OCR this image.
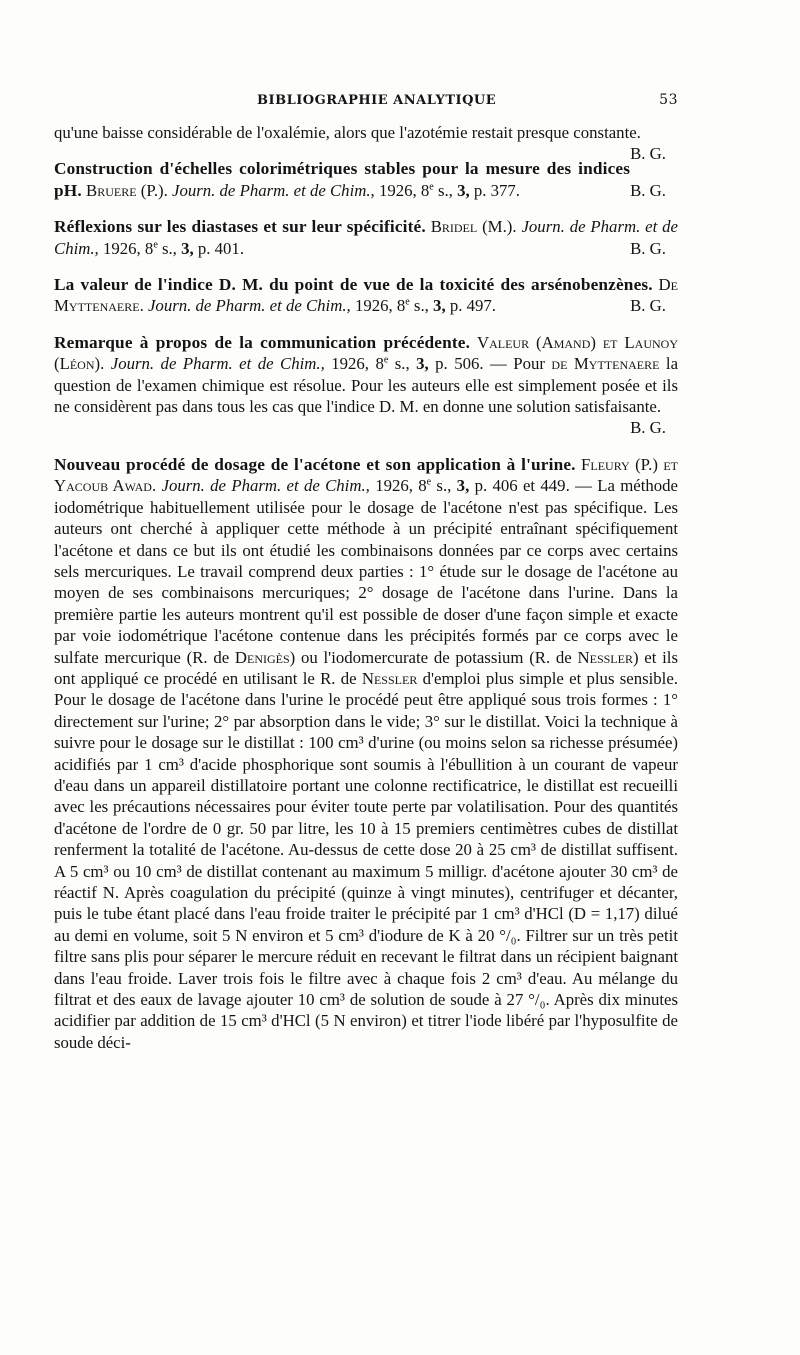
BIBLIOGRAPHIE ANALYTIQUE	53

qu'une baisse considérable de l'oxalémie, alors que l'azotémie restait presque constante.
B. G.

Construction d'échelles colorimétriques stables pour la mesure des indices pH. Bruere (P.). Journ. de Pharm. et de Chim., 1926, 8e s., 3, p. 377.	B. G.

Réflexions sur les diastases et sur leur spécificité. Bridel (M.). Journ. de Pharm. et de Chim., 1926, 8e s., 3, p. 401.	B. G.

La valeur de l'indice D. M. du point de vue de la toxicité des arsénobenzènes. De Myttenaere. Journ. de Pharm. et de Chim., 1926, 8e s., 3, p. 497.	B. G.

Remarque à propos de la communication précédente. Valeur (Amand) et Launoy (Léon). Journ. de Pharm. et de Chim., 1926, 8e s., 3, p. 506. — Pour de Myttenaere la question de l'examen chimique est résolue. Pour les auteurs elle est simplement posée et ils ne considèrent pas dans tous les cas que l'indice D. M. en donne une solution satisfaisante.
B. G.

Nouveau procédé de dosage de l'acétone et son application à l'urine. Fleury (P.) et Yacoub Awad. Journ. de Pharm. et de Chim., 1926, 8e s., 3, p. 406 et 449. — La méthode iodométrique habituellement utilisée pour le dosage de l'acétone n'est pas spécifique. Les auteurs ont cherché à appliquer cette méthode à un précipité entraînant spécifiquement l'acétone et dans ce but ils ont étudié les combinaisons données par ce corps avec certains sels mercuriques. Le travail comprend deux parties : 1° étude sur le dosage de l'acétone au moyen de ses combinaisons mercuriques; 2° dosage de l'acétone dans l'urine. Dans la première partie les auteurs montrent qu'il est possible de doser d'une façon simple et exacte par voie iodométrique l'acétone contenue dans les précipités formés par ce corps avec le sulfate mercurique (R. de Denigès) ou l'iodomercurate de potassium (R. de Nessler) et ils ont appliqué ce procédé en utilisant le R. de Nessler d'emploi plus simple et plus sensible. Pour le dosage de l'acétone dans l'urine le procédé peut être appliqué sous trois formes : 1° directement sur l'urine; 2° par absorption dans le vide; 3° sur le distillat. Voici la technique à suivre pour le dosage sur le distillat : 100 cm³ d'urine (ou moins selon sa richesse présumée) acidifiés par 1 cm³ d'acide phosphorique sont soumis à l'ébullition à un courant de vapeur d'eau dans un appareil distillatoire portant une colonne rectificatrice, le distillat est recueilli avec les précautions nécessaires pour éviter toute perte par volatilisation. Pour des quantités d'acétone de l'ordre de 0 gr. 50 par litre, les 10 à 15 premiers centimètres cubes de distillat renferment la totalité de l'acétone. Au-dessus de cette dose 20 à 25 cm³ de distillat suffisent. A 5 cm³ ou 10 cm³ de distillat contenant au maximum 5 milligr. d'acétone ajouter 30 cm³ de réactif N. Après coagulation du précipité (quinze à vingt minutes), centrifuger et décanter, puis le tube étant placé dans l'eau froide traiter le précipité par 1 cm³ d'HCl (D = 1,17) dilué au demi en volume, soit 5 N environ et 5 cm³ d'iodure de K à 20 °/₀. Filtrer sur un très petit filtre sans plis pour séparer le mercure réduit en recevant le filtrat dans un récipient baignant dans l'eau froide. Laver trois fois le filtre avec à chaque fois 2 cm³ d'eau. Au mélange du filtrat et des eaux de lavage ajouter 10 cm³ de solution de soude à 27 °/₀. Après dix minutes acidifier par addition de 15 cm³ d'HCl (5 N environ) et titrer l'iode libéré par l'hyposulfite de soude déci-
